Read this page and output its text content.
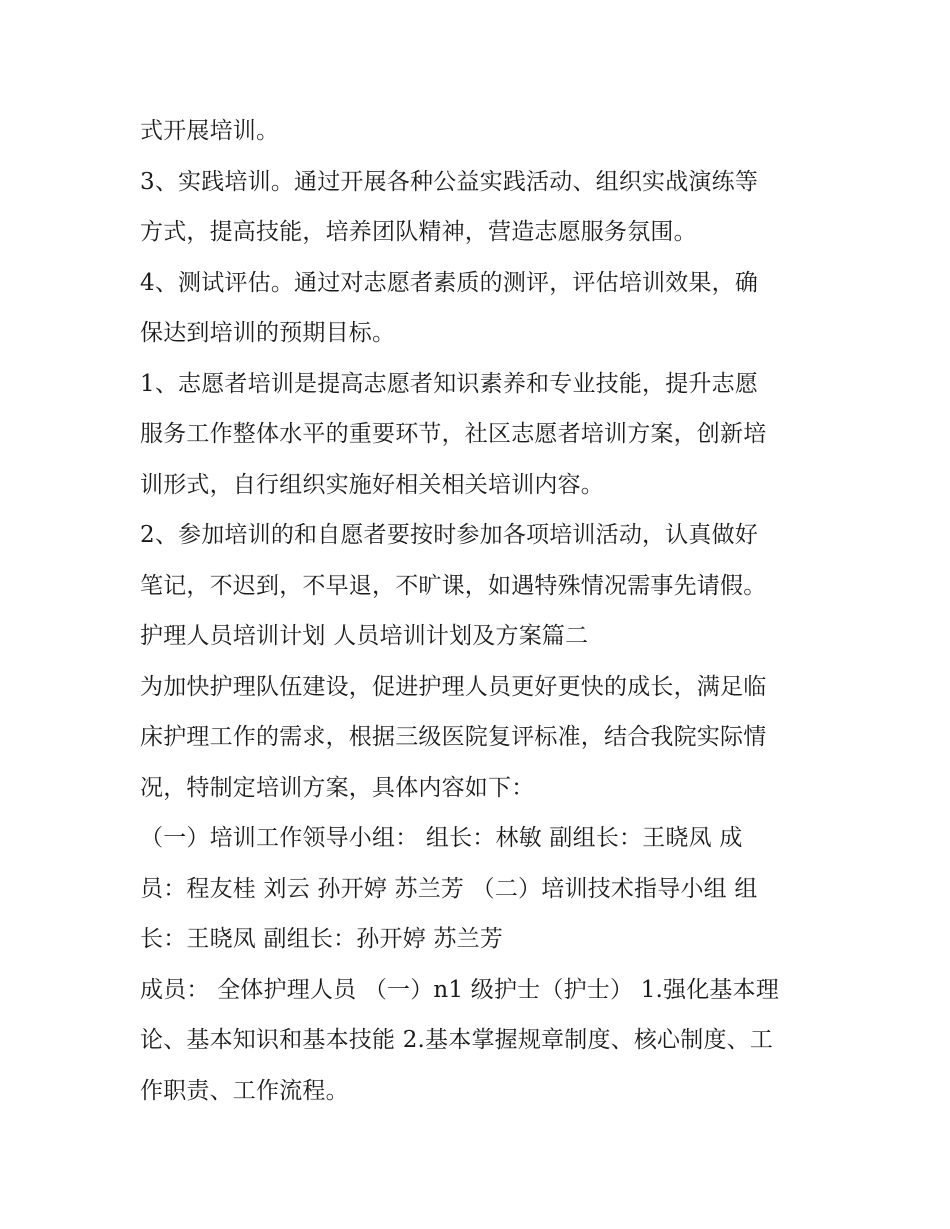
式开展培训。
3、实践培训。通过开展各种公益实践活动、组织实战演练等
方式，提高技能，培养团队精神，营造志愿服务氛围。
4、测试评估。通过对志愿者素质的测评，评估培训效果，确
保达到培训的预期目标。
1、志愿者培训是提高志愿者知识素养和专业技能，提升志愿
服务工作整体水平的重要环节，社区志愿者培训方案，创新培
训形式，自行组织实施好相关相关培训内容。
2、参加培训的和自愿者要按时参加各项培训活动，认真做好
笔记，不迟到，不早退，不旷课，如遇特殊情况需事先请假。
护理人员培训计划 人员培训计划及方案篇二
为加快护理队伍建设，促进护理人员更好更快的成长，满足临
床护理工作的需求，根据三级医院复评标准，结合我院实际情
况，特制定培训方案，具体内容如下：
（一）培训工作领导小组： 组长：林敏 副组长：王晓凤 成
员：程友桂 刘云 孙开婷 苏兰芳 （二）培训技术指导小组 组
长：王晓凤 副组长：孙开婷 苏兰芳
成员： 全体护理人员 （一）n1 级护士（护士） 1.强化基本理
论、基本知识和基本技能 2.基本掌握规章制度、核心制度、工
作职责、工作流程。
